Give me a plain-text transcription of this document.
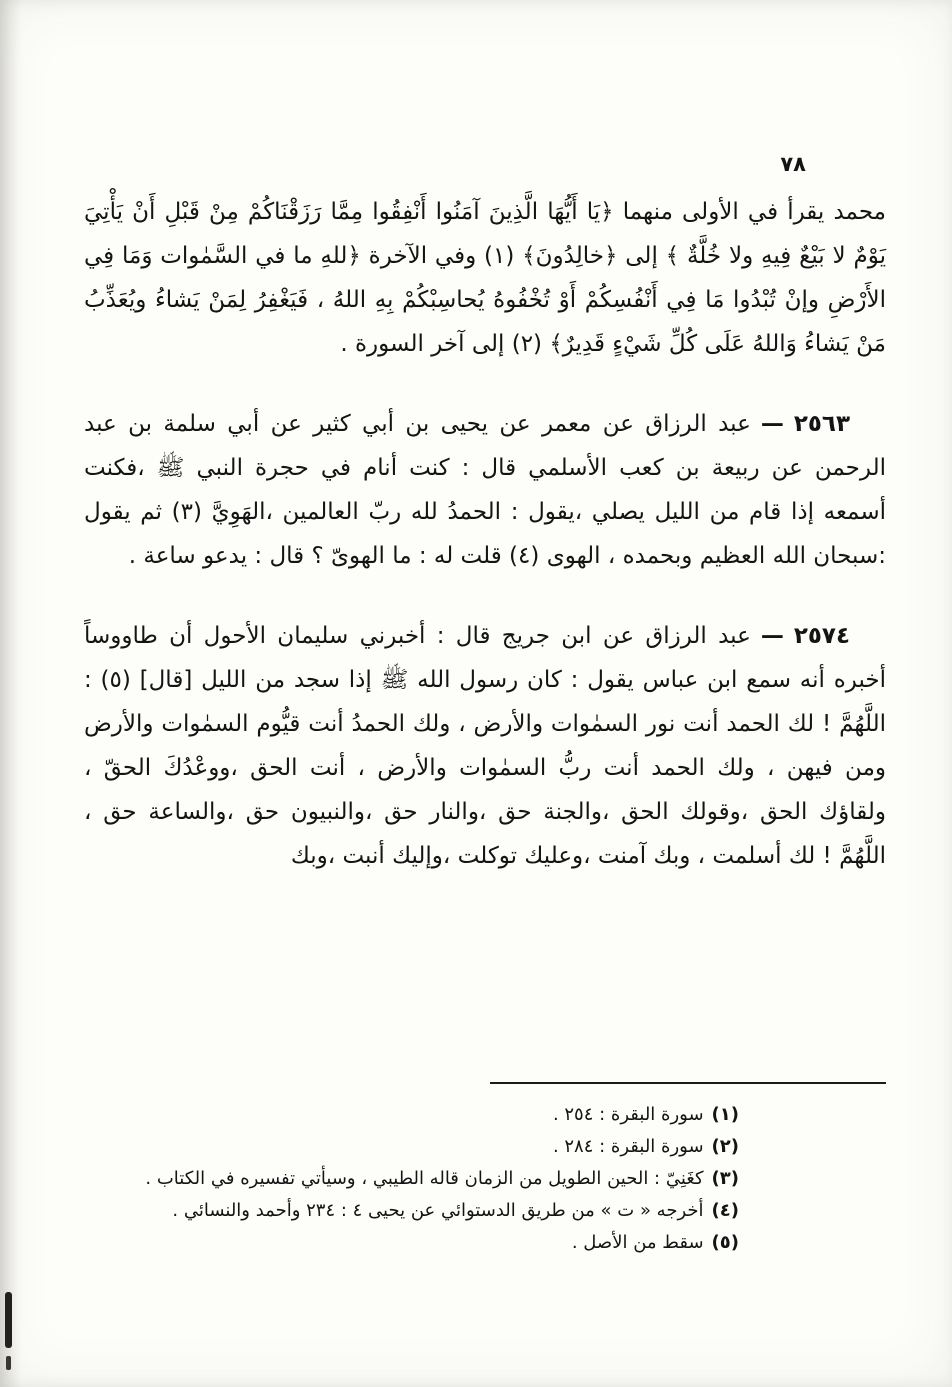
٧٨

محمد يقرأ في الأولى منهما ﴿يَا أَيُّهَا الَّذِينَ آمَنُوا أَنْفِقُوا مِمَّا رَزَقْنَاكُمْ مِنْ قَبْلِ أَنْ يَأْتِيَ يَوْمٌ لا بَيْعٌ فِيهِ ولا خُلَّةٌ ﴾ إلى ﴿خالِدُونَ﴾ (١) وفي الآخرة ﴿للهِ ما في السَّمٰوات وَمَا فِي الأَرْضِ وإنْ تُبْدُوا مَا فِي أَنْفُسِكُمْ أَوْ تُخْفُوهُ يُحاسِبْكُمْ بِهِ اللهُ ، فَيَغْفِرُ لِمَنْ يَشاءُ ويُعَذِّبُ مَنْ يَشاءُ وَاللهُ عَلَى كُلِّ شَيْءٍ قَدِيرٌ﴾ (٢) إلى آخر السورة .

٢٥٦٣—عبد الرزاق عن معمر عن يحيى بن أبي كثير عن أبي سلمة بن عبد الرحمن عن ربيعة بن كعب الأسلمي قال : كنت أنام في حجرة النبي ﷺ ،فكنت أسمعه إذا قام من الليل يصلي ،يقول : الحمدُ لله ربّ العالمين ،الهَوِيَّ (٣) ثم يقول :سبحان الله العظيم وبحمده ، الهوى (٤) قلت له : ما الهوىّ ؟ قال : يدعو ساعة .

٢٥٧٤—عبد الرزاق عن ابن جريج قال : أخبرني سليمان الأحول أن طاووساً أخبره أنه سمع ابن عباس يقول : كان رسول الله ﷺ إذا سجد من الليل [قال] (٥) : اللَّهُمَّ ! لك الحمد أنت نور السمٰوات والأرض ، ولك الحمدُ أنت قيُّوم السمٰوات والأرض ومن فيهن ، ولك الحمد أنت ربُّ السمٰوات والأرض ، أنت الحق ،ووعْدُكَ الحقّ ، ولقاؤك الحق ،وقولك الحق ،والجنة حق ،والنار حق ،والنبيون حق ،والساعة حق ، اللَّهُمَّ ! لك أسلمت ، وبك آمنت ،وعليك توكلت ،وإليك أنبت ،وبك

(١)سورة البقرة : ٢٥٤ .

(٢)سورة البقرة : ٢٨٤ .

(٣)كغَنِيّ : الحين الطويل من الزمان قاله الطيبي ، وسيأتي تفسيره في الكتاب .

(٤)أخرجه « ت » من طريق الدستوائي عن يحيى ٤ : ٢٣٤ وأحمد والنسائي .

(٥)سقط من الأصل .
